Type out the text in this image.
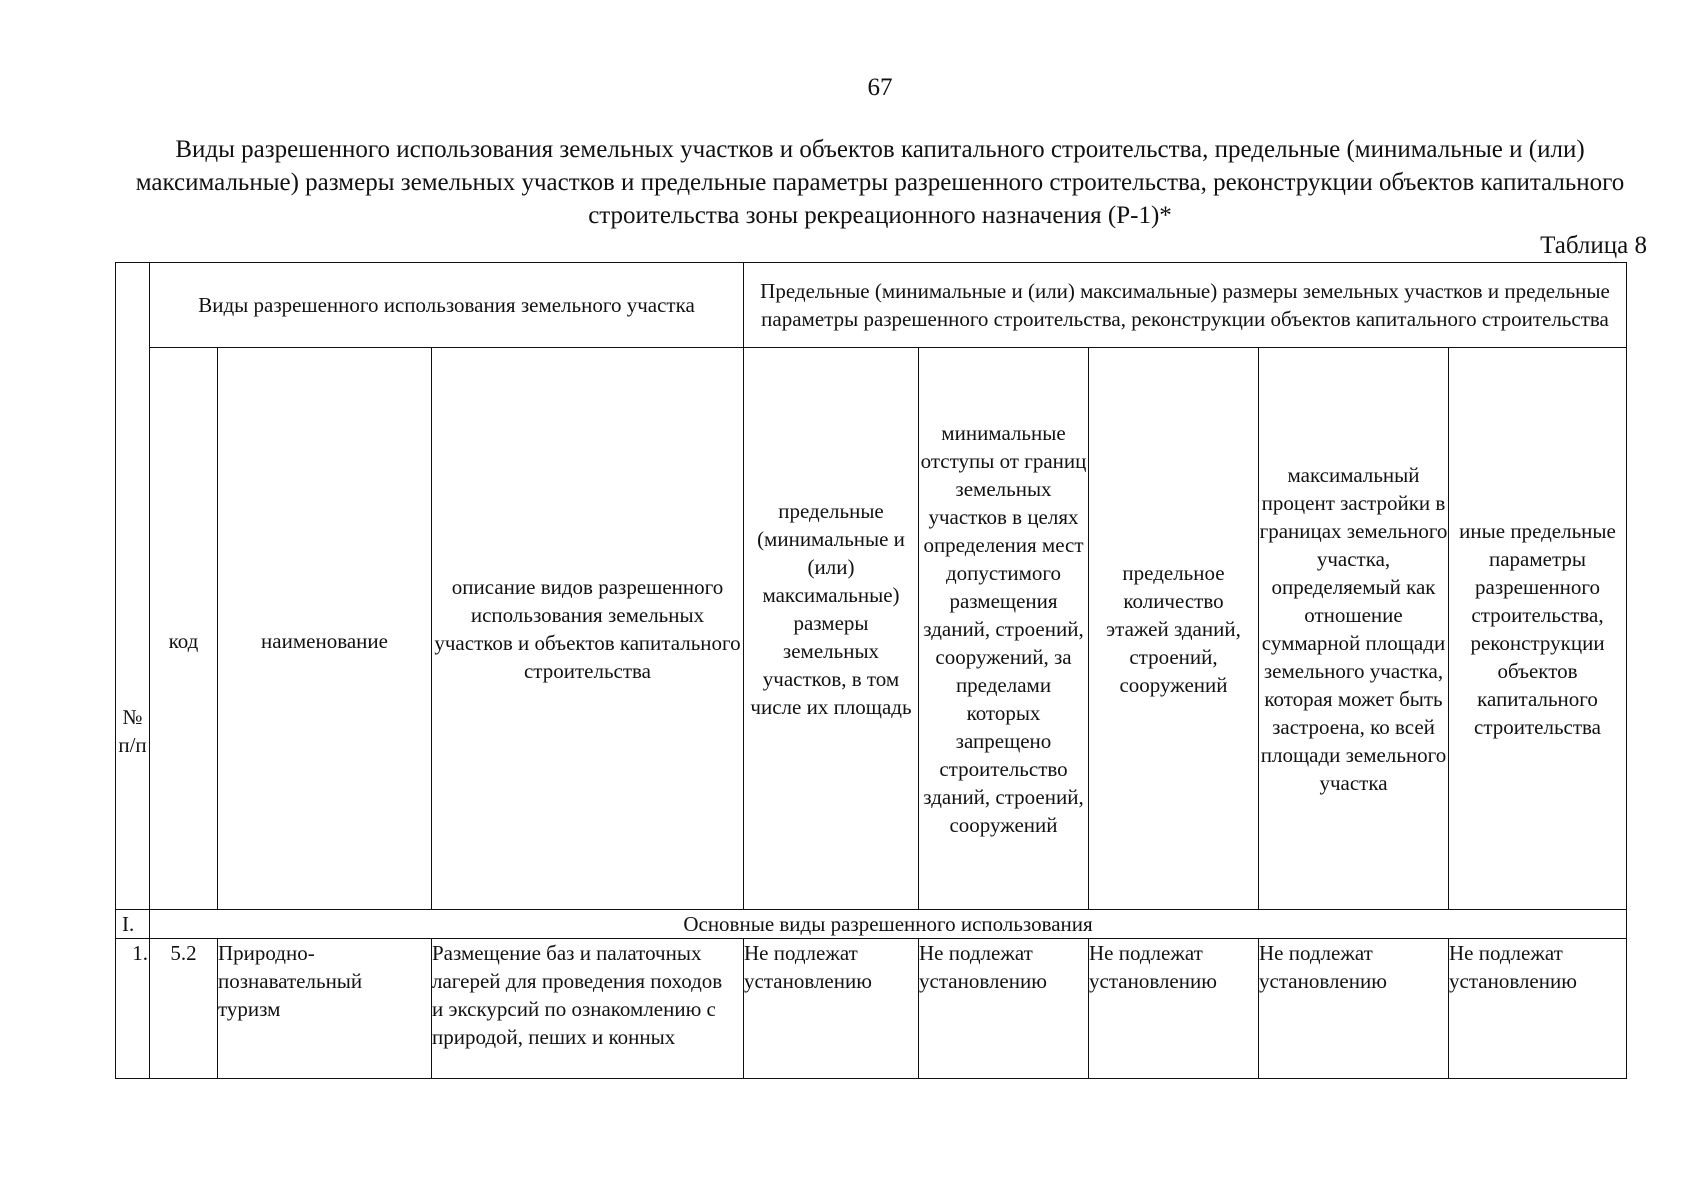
67
Виды разрешенного использования земельных участков и объектов капитального строительства, предельные (минимальные и (или) максимальные) размеры земельных участков и предельные параметры разрешенного строительства, реконструкции объектов капитального строительства зоны рекреационного назначения (Р-1)*
Таблица 8
№ п/п	Виды разрешенного использования земельного участка			Предельные (минимальные и (или) максимальные) размеры земельных участков и предельные параметры разрешенного строительства, реконструкции объектов капитального строительства				
	код	наименование	описание видов разрешенного использования земельных участков и объектов капитального строительства	предельные (минимальные и (или) максимальные) размеры земельных участков, в том числе их площадь	минимальные отступы от границ земельных участков в целях определения мест допустимого размещения зданий, строений, сооружений, за пределами которых запрещено строительство зданий, строений, сооружений	предельное количество этажей зданий, строений, сооружений	максимальный процент застройки в границах земельного участка, определяемый как отношение суммарной площади земельного участка, которая может быть застроена, ко всей площади земельного участка	иные предельные параметры разрешенного строительства, реконструкции объектов капитального строительства
I.	Основные виды разрешенного использования							
1.	5.2	Природно-познавательный туризм	Размещение баз и палаточных лагерей для проведения походов и экскурсий по ознакомлению с природой, пеших и конных	Не подлежат установлению	Не подлежат установлению	Не подлежат установлению	Не подлежат установлению	Не подлежат установлению
